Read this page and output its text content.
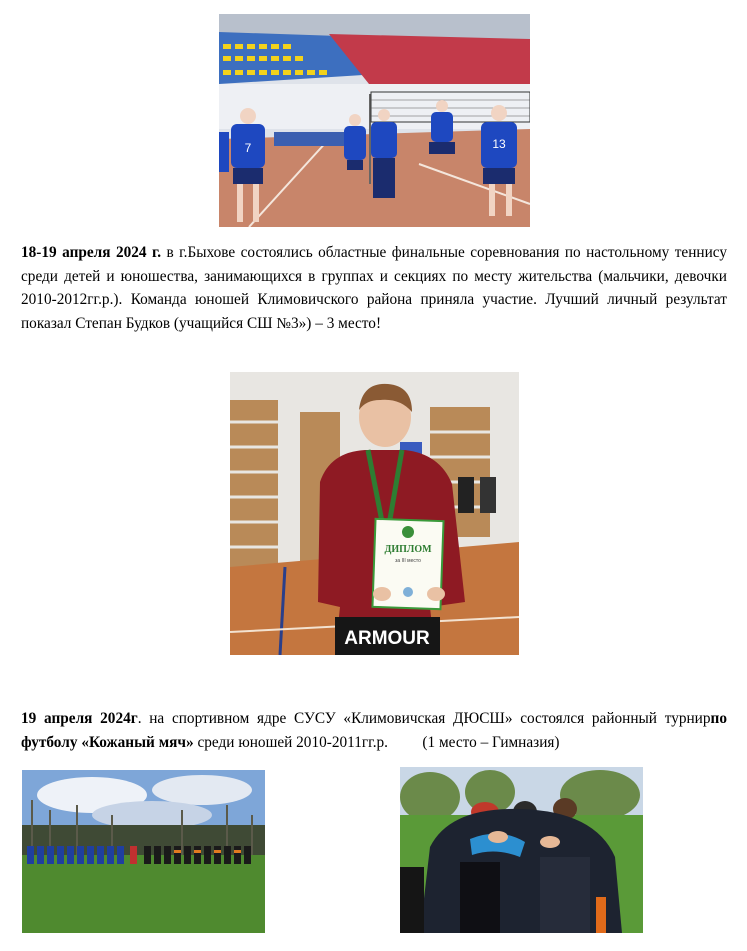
7	13
18-19 апреля 2024 г. в г.Быхове состоялись областные финальные соревнования по настольному теннису среди детей и юношества, занимающихся в группах и секциях по месту жительства (мальчики, девочки 2010-2012гг.р.). Команда юношей Климовичского района приняла участие. Лучший личный результат показал Степан Будков (учащийся СШ №3») – 3 место!
ARMOUR
ДИПЛОМ
за III место
19 апреля 2024г. на спортивном ядре СУСУ «Климовичская ДЮСШ» состоялся районный турнирпо футболу «Кожаный мяч» среди юношей 2010-2011гг.р. (1 место – Гимназия)
